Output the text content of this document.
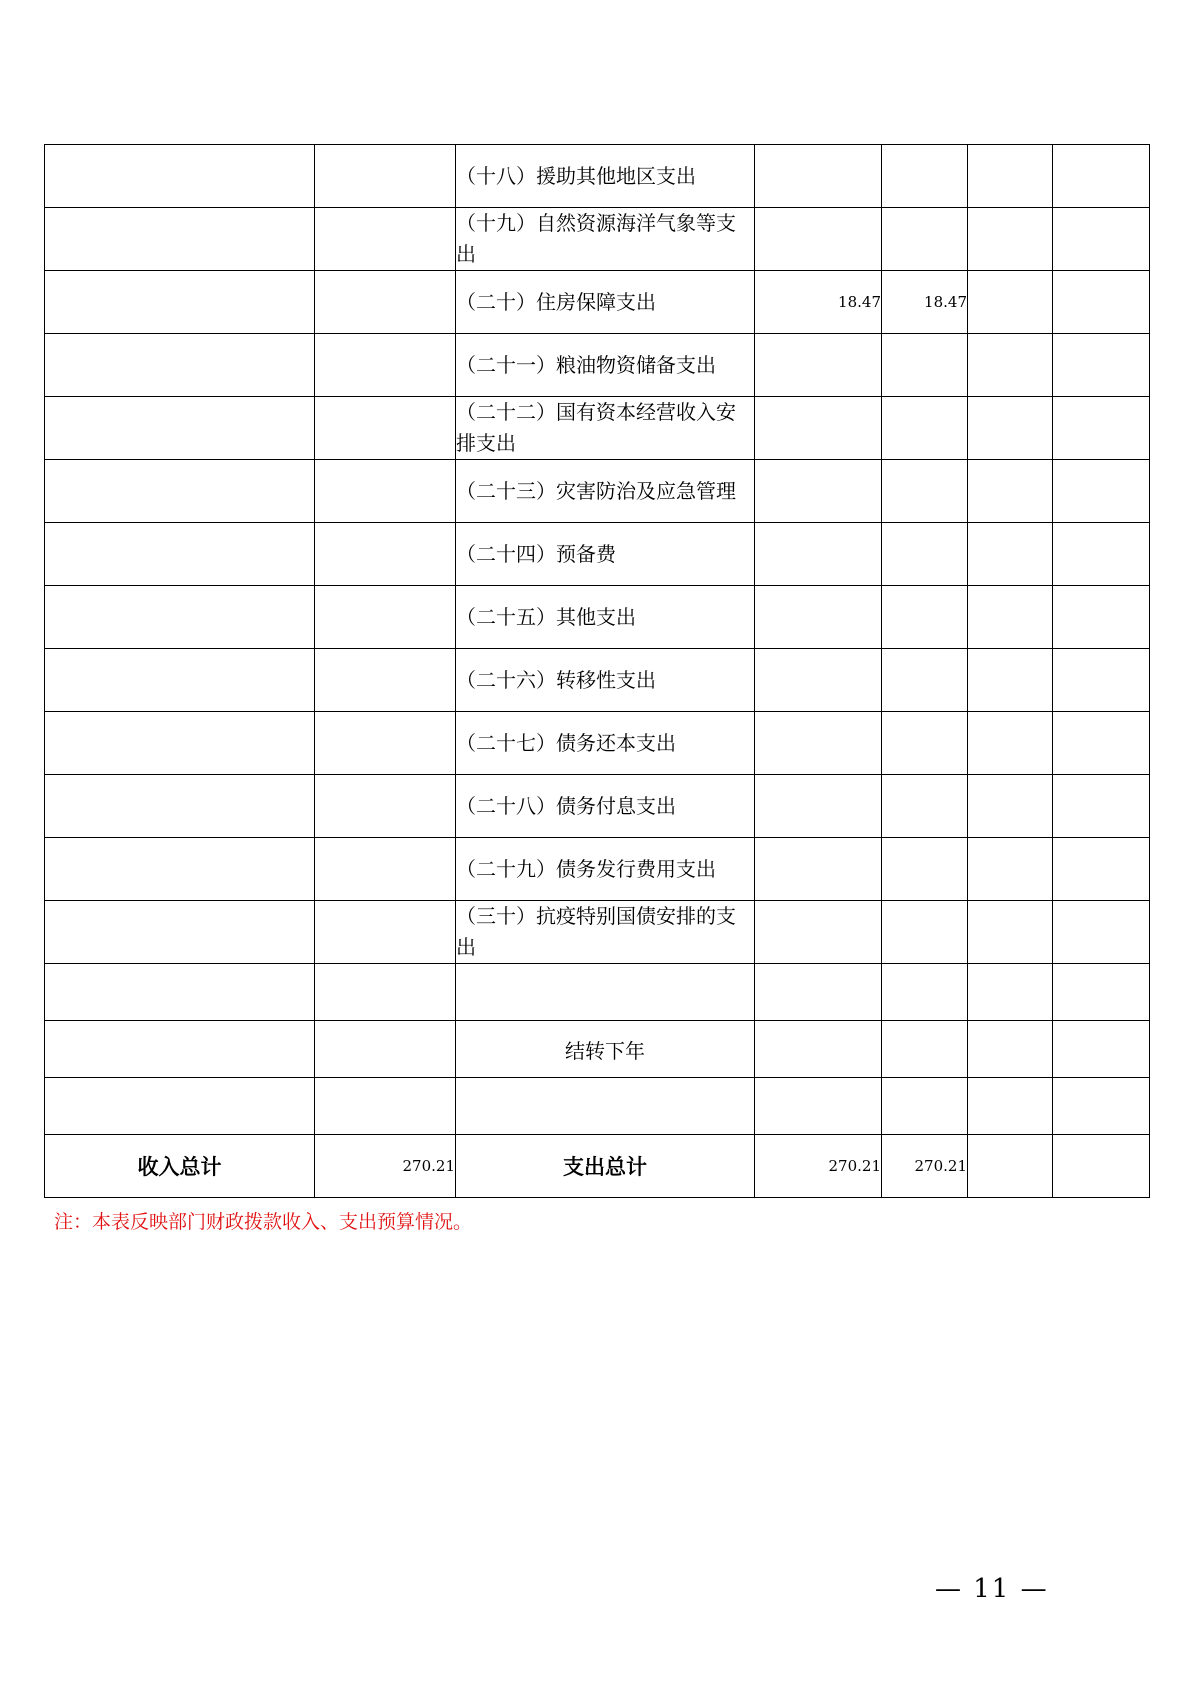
		（十八）援助其他地区支出				
		（十九）自然资源海洋气象等支出				
		（二十）住房保障支出	18.47	18.47		
		（二十一）粮油物资储备支出				
		（二十二）国有资本经营收入安排支出				
		（二十三）灾害防治及应急管理				
		（二十四）预备费				
		（二十五）其他支出				
		（二十六）转移性支出				
		（二十七）债务还本支出				
		（二十八）债务付息支出				
		（二十九）债务发行费用支出				
		（三十）抗疫特别国债安排的支出				

		结转下年				

收入总计	270.21	支出总计	270.21	270.21		
注：本表反映部门财政拨款收入、支出预算情况。
— 11 —
